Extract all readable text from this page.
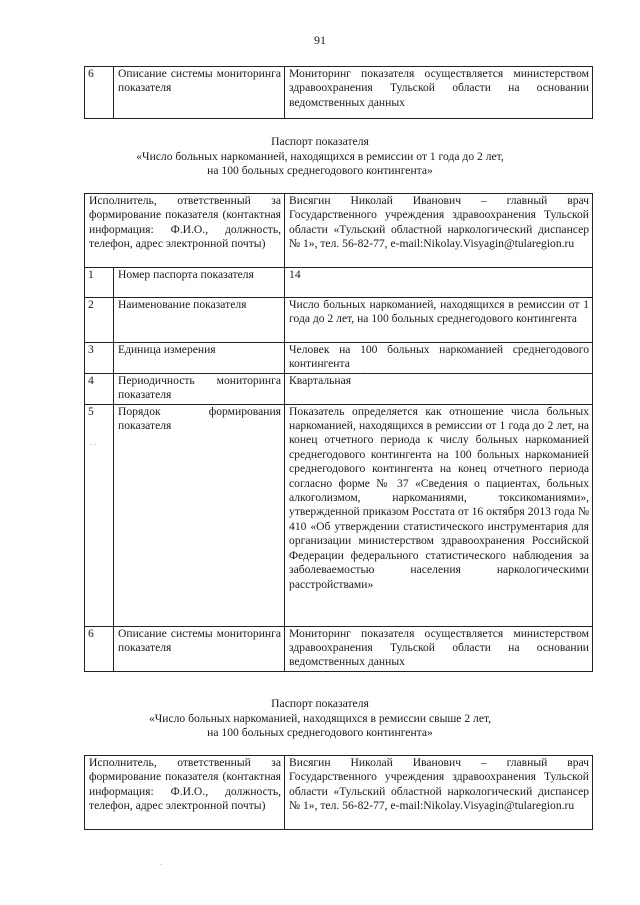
91
6	Описание системы мониторинга показателя	Мониторинг показателя осуществляется министерством здравоохранения Тульской области на основании ведомственных данных
Паспорт показателя
«Число больных наркоманией, находящихся в ремиссии от 1 года до 2 лет,
на 100 больных среднегодового контингента»
Исполнитель, ответственный за формирование показателя (контактная информация: Ф.И.О., должность, телефон, адрес электронной почты)		Висягин Николай Иванович – главный врач Государственного учреждения здравоохранения Тульской области «Тульский областной наркологический диспансер № 1», тел. 56-82-77, e-mail:Nikolay.Visyagin@tularegion.ru
1	Номер паспорта показателя	14
2	Наименование показателя	Число больных наркоманией, находящихся в ремиссии от 1 года до 2 лет, на 100 больных среднегодового контингента
3	Единица измерения	Человек на 100 больных наркоманией среднегодового контингента
4	Периодичность мониторинга показателя	Квартальная
5	Порядок формирования показателя	Показатель определяется как отношение числа больных наркоманией, находящихся в ремиссии от 1 года до 2 лет, на конец отчетного периода к числу больных наркоманией среднегодового контингента на 100 больных наркоманией среднегодового контингента на конец отчетного периода согласно форме № 37 «Сведения о пациентах, больных алкоголизмом, наркоманиями, токсикоманиями», утвержденной приказом Росстата от 16 октября 2013 года № 410 «Об утверждении статистического инструментария для организации министерством здравоохранения Российской Федерации федерального статистического наблюдения за заболеваемостью населения наркологическими расстройствами»
6	Описание системы мониторинга показателя	Мониторинг показателя осуществляется министерством здравоохранения Тульской области на основании ведомственных данных
Паспорт показателя
«Число больных наркоманией, находящихся в ремиссии свыше 2 лет,
на 100 больных среднегодового контингента»
Исполнитель, ответственный за формирование показателя (контактная информация: Ф.И.О., должность, телефон, адрес электронной почты)	Висягин Николай Иванович – главный врач Государственного учреждения здравоохранения Тульской области «Тульский областной наркологический диспансер № 1», тел. 56-82-77, e-mail:Nikolay.Visyagin@tularegion.ru
· ·
·
·
